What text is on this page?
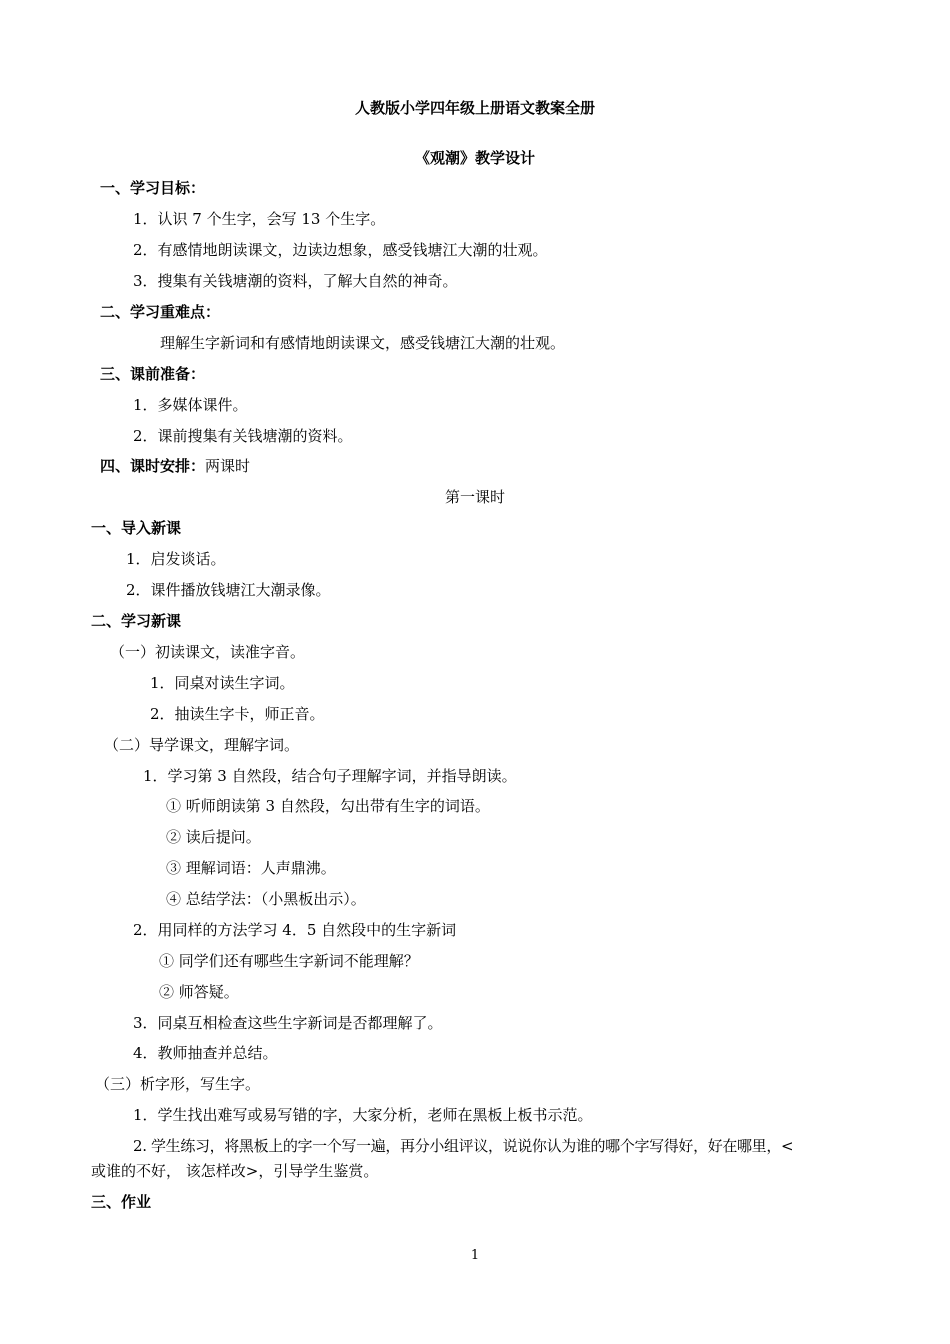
人教版小学四年级上册语文教案全册
《观潮》教学设计
一、学习目标：
1．认识 7 个生字，会写 13 个生字。
2．有感情地朗读课文，边读边想象，感受钱塘江大潮的壮观。
3．搜集有关钱塘潮的资料，了解大自然的神奇。
二、学习重难点：
理解生字新词和有感情地朗读课文，感受钱塘江大潮的壮观。
三、课前准备：
1．多媒体课件。
2．课前搜集有关钱塘潮的资料。
四、课时安排：两课时
第一课时
一、导入新课
1．启发谈话。
2．课件播放钱塘江大潮录像。
二、学习新课
（一）初读课文，读准字音。
1．同桌对读生字词。
2．抽读生字卡，师正音。
（二）导学课文，理解字词。
1．学习第 3 自然段，结合句子理解字词，并指导朗读。
① 听师朗读第 3 自然段，勾出带有生字的词语。
② 读后提问。
③ 理解词语：人声鼎沸。
④ 总结学法：（小黑板出示）。
2．用同样的方法学习 4．5 自然段中的生字新词
① 同学们还有哪些生字新词不能理解？
② 师答疑。
3．同桌互相检查这些生字新词是否都理解了。
4．教师抽查并总结。
（三）析字形，写生字。
1．学生找出难写或易写错的字，大家分析，老师在黑板上板书示范。
2. 学生练习，将黑板上的字一个写一遍，再分小组评议，说说你认为谁的哪个字写得好，好在哪里，<
或谁的不好， 该怎样改>，引导学生鉴赏。
三、作业
1
